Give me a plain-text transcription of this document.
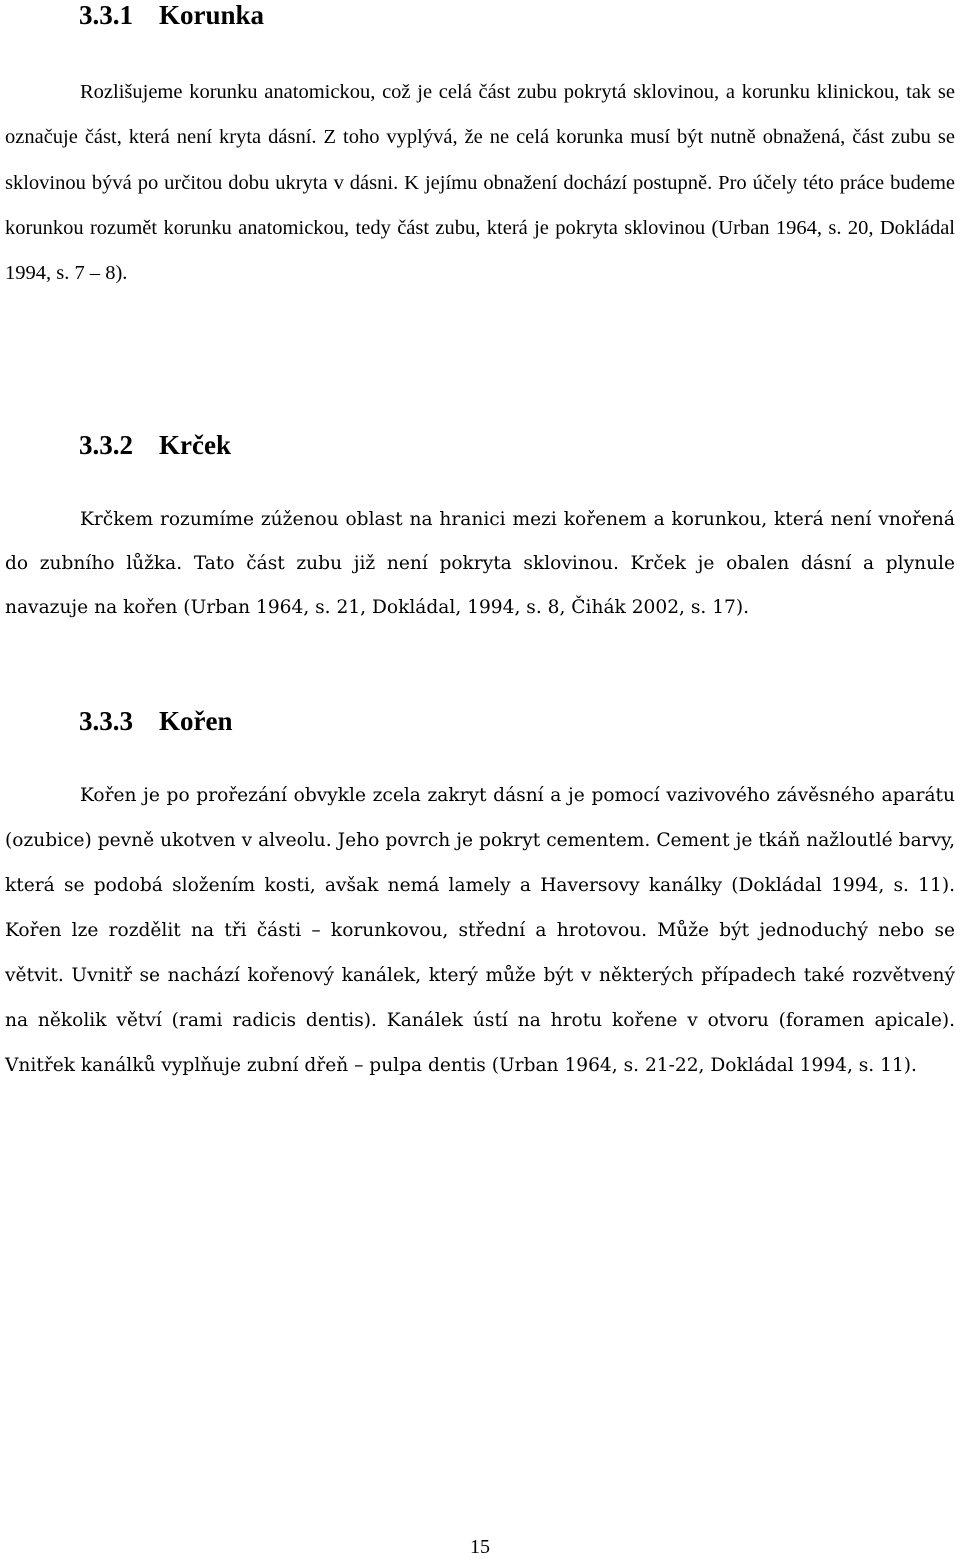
3.3.1 Korunka

Rozlišujeme korunku anatomickou, což je celá část zubu pokrytá sklovinou, a korunku klinickou, tak se označuje část, která není kryta dásní. Z toho vyplývá, že ne celá korunka musí být nutně obnažená, část zubu se sklovinou bývá po určitou dobu ukryta v dásni. K jejímu obnažení dochází postupně. Pro účely této práce budeme korunkou rozumět korunku anatomickou, tedy část zubu, která je pokryta sklovinou (Urban 1964, s. 20, Dokládal 1994, s. 7 – 8).

3.3.2 Krček

Krčkem rozumíme zúženou oblast na hranici mezi kořenem a korunkou, která není vnořená do zubního lůžka. Tato část zubu již není pokryta sklovinou. Krček je obalen dásní a plynule navazuje na kořen (Urban 1964, s. 21, Dokládal, 1994, s. 8, Čihák 2002, s. 17).

3.3.3 Kořen

Kořen je po prořezání obvykle zcela zakryt dásní a je pomocí vazivového závěsného aparátu (ozubice) pevně ukotven v alveolu. Jeho povrch je pokryt cementem. Cement je tkáň nažloutlé barvy, která se podobá složením kosti, avšak nemá lamely a Haversovy kanálky (Dokládal 1994, s. 11). Kořen lze rozdělit na tři části – korunkovou, střední a hrotovou. Může být jednoduchý nebo se větvit. Uvnitř se nachází kořenový kanálek, který může být v některých případech také rozvětvený na několik větví (rami radicis dentis). Kanálek ústí na hrotu kořene v otvoru (foramen apicale). Vnitřek kanálků vyplňuje zubní dřeň – pulpa dentis (Urban 1964, s. 21-22, Dokládal 1994, s. 11).

15
